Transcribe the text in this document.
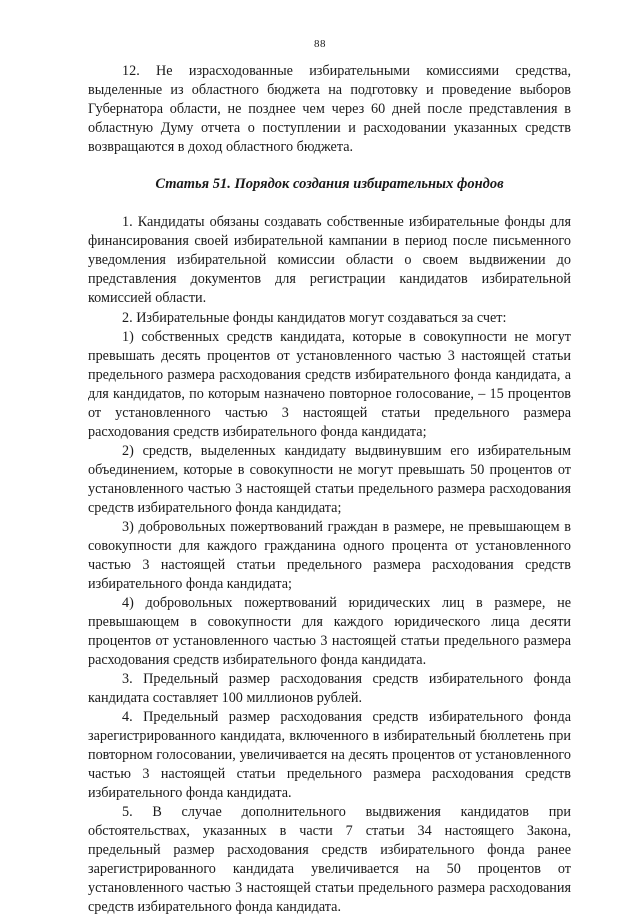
88

12. Не израсходованные избирательными комиссиями средства, выделенные из областного бюджета на подготовку и проведение выборов Губернатора области, не позднее чем через 60 дней после представления в областную Думу отчета о поступлении и расходовании указанных средств возвращаются в доход областного бюджета.

Статья 51. Порядок создания избирательных фондов

1. Кандидаты обязаны создавать собственные избирательные фонды для финансирования своей избирательной кампании в период после письменного уведомления избирательной комиссии области о своем выдвижении до представления документов для регистрации кандидатов избирательной комиссией области.

2. Избирательные фонды кандидатов могут создаваться за счет:

1) собственных средств кандидата, которые в совокупности не могут превышать десять процентов от установленного частью 3 настоящей статьи предельного размера расходования средств избирательного фонда кандидата, а для кандидатов, по которым назначено повторное голосование, – 15 процентов от установленного частью 3 настоящей статьи предельного размера расходования средств избирательного фонда кандидата;

2) средств, выделенных кандидату выдвинувшим его избирательным объединением, которые в совокупности не могут превышать 50 процентов от установленного частью 3 настоящей статьи предельного размера расходования средств избирательного фонда кандидата;

3) добровольных пожертвований граждан в размере, не превышающем в совокупности для каждого гражданина одного процента от установленного частью 3 настоящей статьи предельного размера расходования средств избирательного фонда кандидата;

4) добровольных пожертвований юридических лиц в размере, не превышающем в совокупности для каждого юридического лица десяти процентов от установленного частью 3 настоящей статьи предельного размера расходования средств избирательного фонда кандидата.

3. Предельный размер расходования средств избирательного фонда кандидата составляет 100 миллионов рублей.

4. Предельный размер расходования средств избирательного фонда зарегистрированного кандидата, включенного в избирательный бюллетень при повторном голосовании, увеличивается на десять процентов от установленного частью 3 настоящей статьи предельного размера расходования средств избирательного фонда кандидата.

5. В случае дополнительного выдвижения кандидатов при обстоятельствах, указанных в части 7 статьи 34 настоящего Закона, предельный размер расходования средств избирательного фонда ранее зарегистрированного кандидата увеличивается на 50 процентов от установленного частью 3 настоящей статьи предельного размера расходования средств избирательного фонда кандидата.
